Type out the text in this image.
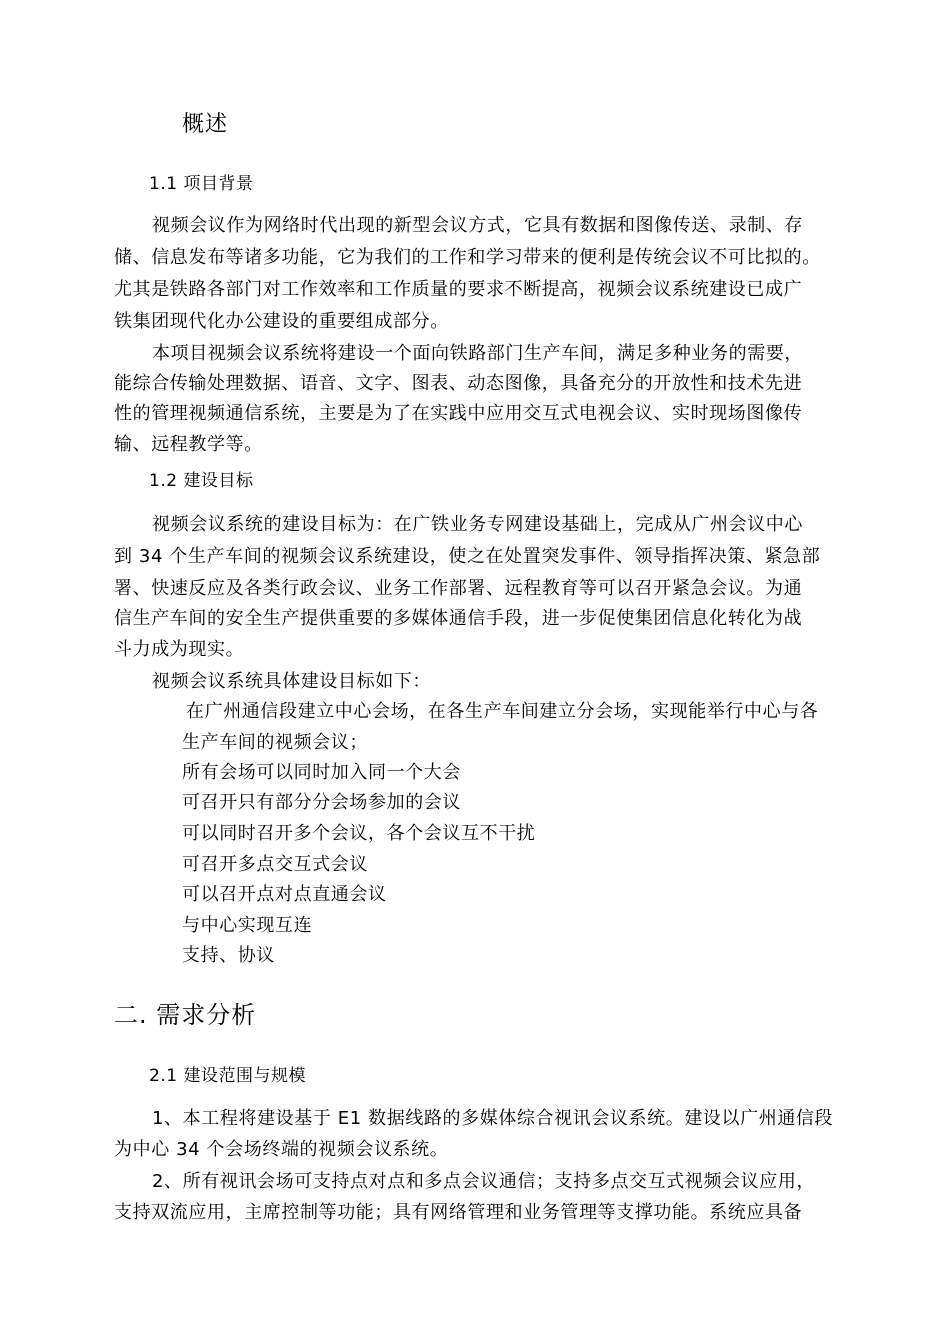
概述
1.1 项目背景
视频会议作为网络时代出现的新型会议方式，它具有数据和图像传送、录制、存
储、信息发布等诸多功能，它为我们的工作和学习带来的便利是传统会议不可比拟的。
尤其是铁路各部门对工作效率和工作质量的要求不断提高，视频会议系统建设已成广
铁集团现代化办公建设的重要组成部分。
本项目视频会议系统将建设一个面向铁路部门生产车间，满足多种业务的需要，
能综合传输处理数据、语音、文字、图表、动态图像，具备充分的开放性和技术先进
性的管理视频通信系统，主要是为了在实践中应用交互式电视会议、实时现场图像传
输、远程教学等。
1.2 建设目标
视频会议系统的建设目标为：在广铁业务专网建设基础上，完成从广州会议中心
到 34 个生产车间的视频会议系统建设，使之在处置突发事件、领导指挥决策、紧急部
署、快速反应及各类行政会议、业务工作部署、远程教育等可以召开紧急会议。为通
信生产车间的安全生产提供重要的多媒体通信手段，进一步促使集团信息化转化为战
斗力成为现实。
视频会议系统具体建设目标如下：
在广州通信段建立中心会场，在各生产车间建立分会场，实现能举行中心与各
生产车间的视频会议；
所有会场可以同时加入同一个大会
可召开只有部分分会场参加的会议
可以同时召开多个会议，各个会议互不干扰
可召开多点交互式会议
可以召开点对点直通会议
与中心实现互连
支持、协议
二. 需求分析
2.1 建设范围与规模
1、本工程将建设基于 E1 数据线路的多媒体综合视讯会议系统。建设以广州通信段
为中心 34 个会场终端的视频会议系统。
2、所有视讯会场可支持点对点和多点会议通信；支持多点交互式视频会议应用，
支持双流应用，主席控制等功能；具有网络管理和业务管理等支撑功能。系统应具备
